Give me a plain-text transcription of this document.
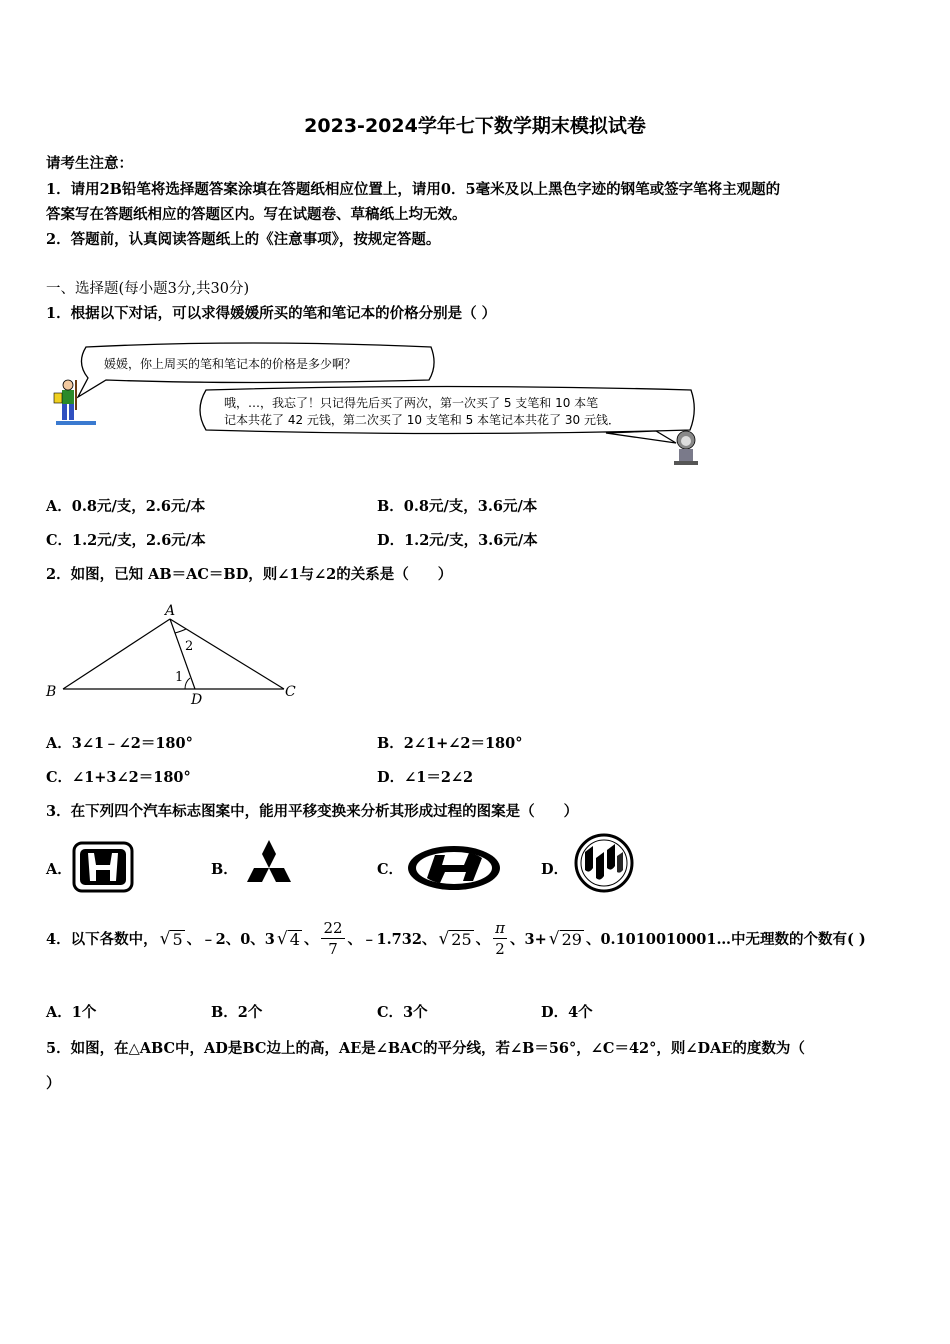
2023-2024学年七下数学期末模拟试卷
请考生注意：
1．请用2B铅笔将选择题答案涂填在答题纸相应位置上，请用0．5毫米及以上黑色字迹的钢笔或签字笔将主观题的
答案写在答题纸相应的答题区内。写在试题卷、草稿纸上均无效。
2．答题前，认真阅读答题纸上的《注意事项》，按规定答题。
一、选择题(每小题3分,共30分)
1．根据以下对话，可以求得媛媛所买的笔和笔记本的价格分别是（ ）
媛媛，你上周买的笔和笔记本的价格是多少啊？
哦，…，我忘了！只记得先后买了两次，第一次买了 5 支笔和 10 本笔
记本共花了 42 元钱，第二次买了 10 支笔和 5 本笔记本共花了 30 元钱．
A．0.8元/支，2.6元/本	B．0.8元/支，3.6元/本
C．1.2元/支，2.6元/本	D．1.2元/支，3.6元/本
2．如图，已知 AB＝AC＝BD，则∠1与∠2的关系是（　　）
A
B	C
D
1
2
A．3∠1﹣∠2＝180°	B．2∠1+∠2＝180°
C．∠1+3∠2＝180°	D．∠1＝2∠2
3．在下列四个汽车标志图案中，能用平移变换来分析其形成过程的图案是（　　）
A．	B．	C．	D．
4．以下各数中， √ 5 、﹣2、0、3 √ 4 、 $\frac{22}{7}$ 、﹣1.732、 √ 25 、 $\frac{\pi}{2}$ 、3+ √ 29 、0.1010010001…中无理数的个数有( )
A．1个	B．2个	C．3个	D．4个
5．如图，在△ABC中，AD是BC边上的高，AE是∠BAC的平分线，若∠B＝56°，∠C＝42°，则∠DAE的度数为（
）
